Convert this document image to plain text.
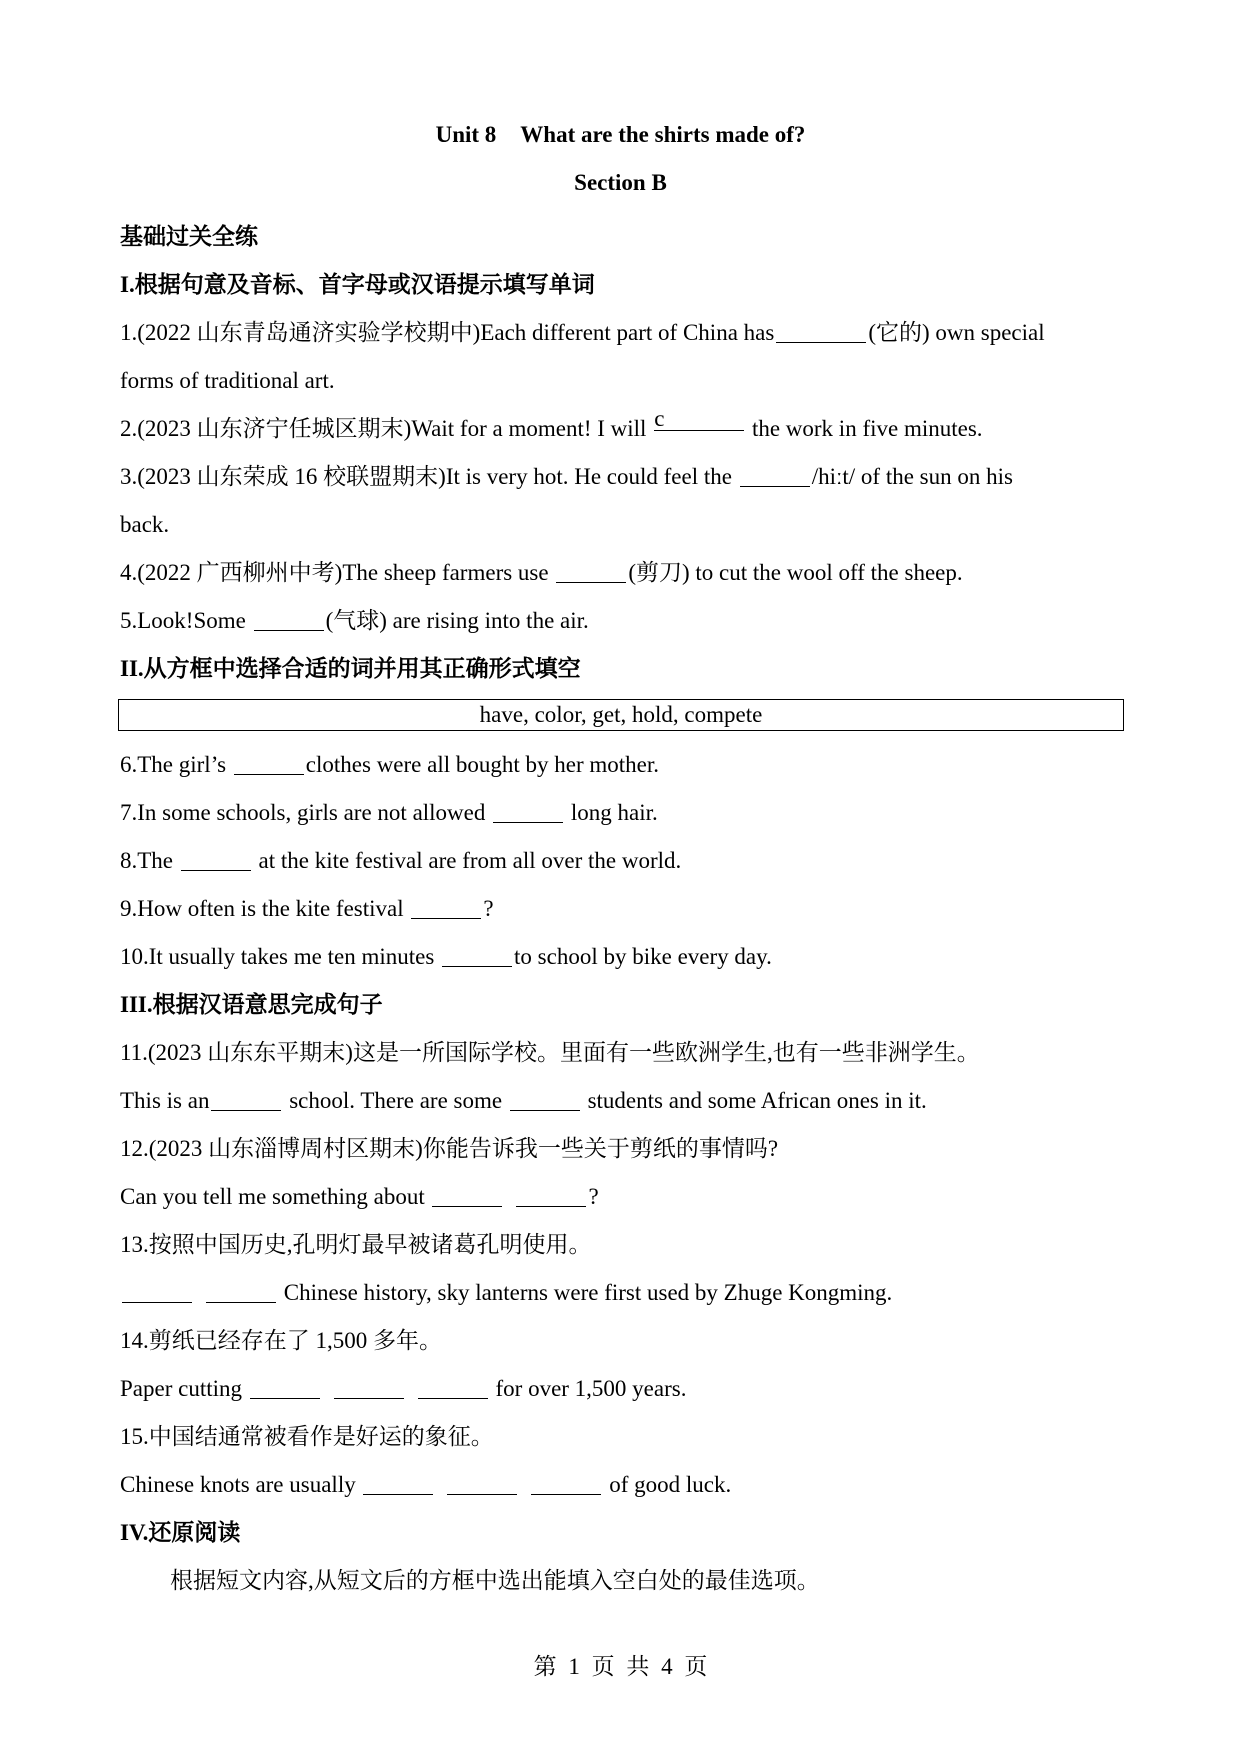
Unit 8 What are the shirts made of?
Section B
基础过关全练
I.根据句意及音标、首字母或汉语提示填写单词
1.(2022 山东青岛通济实验学校期中)Each different part of China has	(它的) own special
forms of traditional art.
2.(2023 山东济宁任城区期末)Wait for a moment! I will c	the work in five minutes.
3.(2023 山东荣成 16 校联盟期末)It is very hot. He could feel the	/hiːt/ of the sun on his
back.
4.(2022 广西柳州中考)The sheep farmers use	(剪刀) to cut the wool off the sheep.
5.Look!Some	(气球) are rising into the air.
II.从方框中选择合适的词并用其正确形式填空
have, color, get, hold, compete
6.The girl’s	clothes were all bought by her mother.
7.In some schools, girls are not allowed	long hair.
8.The	at the kite festival are from all over the world.
9.How often is the kite festival	?
10.It usually takes me ten minutes	to school by bike every day.
III.根据汉语意思完成句子
11.(2023 山东东平期末)这是一所国际学校。里面有一些欧洲学生,也有一些非洲学生。
This is an	school. There are some	students and some African ones in it.
12.(2023 山东淄博周村区期末)你能告诉我一些关于剪纸的事情吗?
Can you tell me something about	?
13.按照中国历史,孔明灯最早被诸葛孔明使用。
Chinese history, sky lanterns were first used by Zhuge Kongming.
14.剪纸已经存在了 1,500 多年。
Paper cutting	for over 1,500 years.
15.中国结通常被看作是好运的象征。
Chinese knots are usually	of good luck.
IV.还原阅读
根据短文内容,从短文后的方框中选出能填入空白处的最佳选项。
第 1 页 共 4 页
